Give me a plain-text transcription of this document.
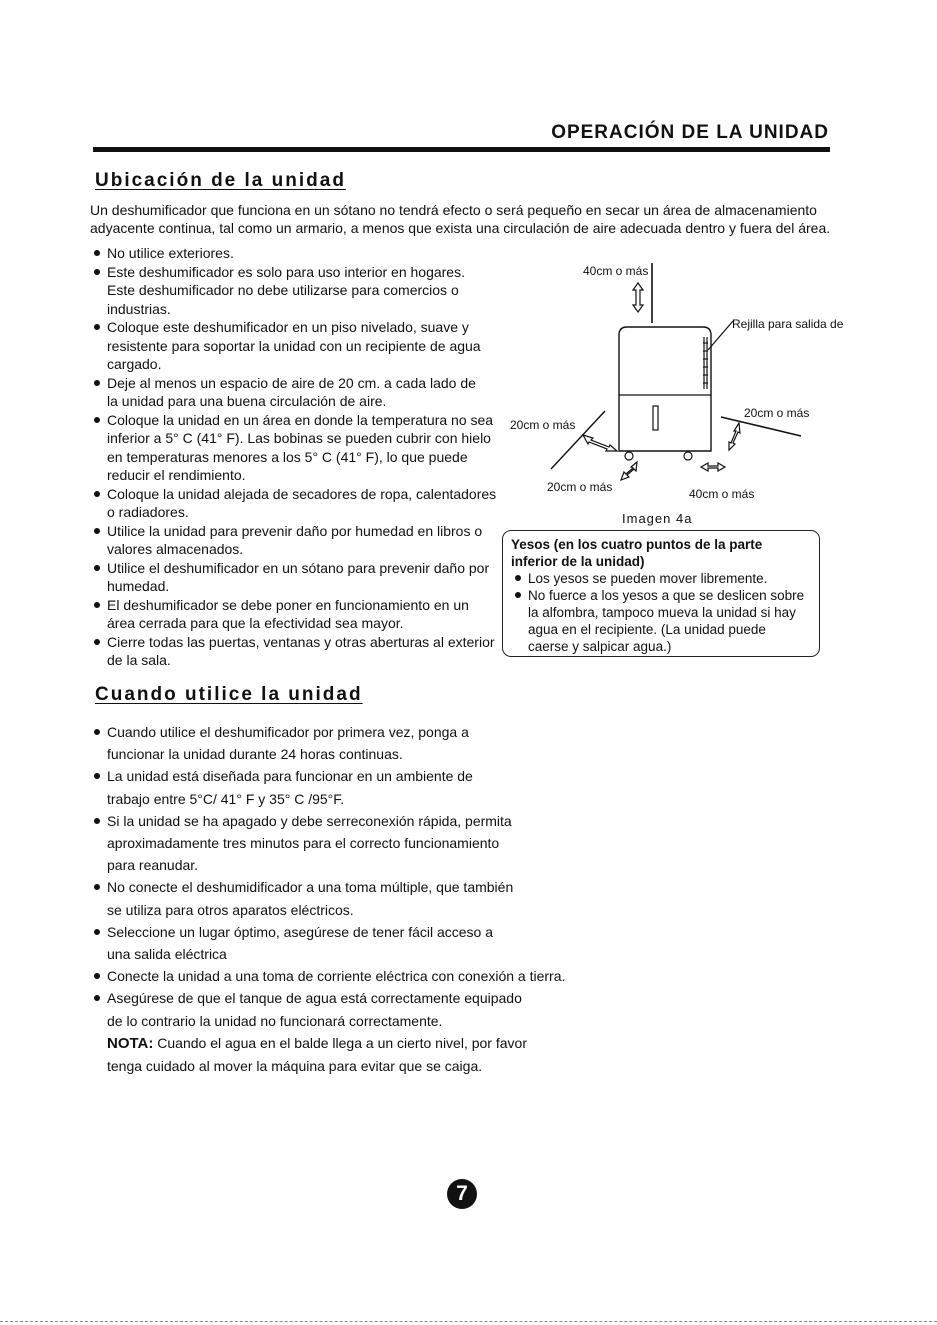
OPERACIÓN DE LA UNIDAD
Ubicación de la unidad

Un deshumificador que funciona en un sótano no tendrá efecto o será pequeño en secar un área de almacenamiento
adyacente continua, tal como un armario, a menos que exista una circulación de aire adecuada dentro y fuera del área.

No utilice exteriores.
Este deshumificador es solo para uso interior en hogares.
Este deshumificador no debe utilizarse para comercios o
industrias.
Coloque este deshumificador en un piso nivelado, suave y
resistente para soportar la unidad con un recipiente de agua
cargado.
Deje al menos un espacio de aire de 20 cm. a cada lado de
la unidad para una buena circulación de aire.
Coloque la unidad en un área en donde la temperatura no sea
inferior a 5° C (41° F). Las bobinas se pueden cubrir con hielo
en temperaturas menores a los 5° C (41° F), lo que puede
reducir el rendimiento.
Coloque la unidad alejada de secadores de ropa, calentadores
o radiadores.
Utilice la unidad para prevenir daño por humedad en libros o
valores almacenados.
Utilice el deshumificador en un sótano para prevenir daño por
humedad.
El deshumificador se debe poner en funcionamiento en un
área cerrada para que la efectividad sea mayor.
Cierre todas las puertas, ventanas y otras aberturas al exterior
de la sala.
40cm o más
Rejilla para salida de
20cm o más
20cm o más
20cm o más	40cm o más
Imagen 4a
Yesos (en los cuatro puntos de la parte
inferior de la unidad)
Los yesos se pueden mover libremente.
No fuerce a los yesos a que se deslicen sobre
la alfombra, tampoco mueva la unidad si hay
agua en el recipiente. (La unidad puede
caerse y salpicar agua.)
Cuando utilice la unidad
Cuando utilice el deshumificador por primera vez, ponga a
funcionar la unidad durante 24 horas continuas.
La unidad está diseñada para funcionar en un ambiente de
trabajo entre 5°C/ 41° F y 35° C /95°F.
Si la unidad se ha apagado y debe serreconexión rápida, permita
aproximadamente tres minutos para el correcto funcionamiento
para reanudar.
No conecte el deshumidificador a una toma múltiple, que también
se utiliza para otros aparatos eléctricos.
Seleccione un lugar óptimo, asegúrese de tener fácil acceso a
una salida eléctrica
Conecte la unidad a una toma de corriente eléctrica con conexión a tierra.
Asegúrese de que el tanque de agua está correctamente equipado
de lo contrario la unidad no funcionará correctamente.
NOTA: Cuando el agua en el balde llega a un cierto nivel, por favor
tenga cuidado al mover la máquina para evitar que se caiga.
7
